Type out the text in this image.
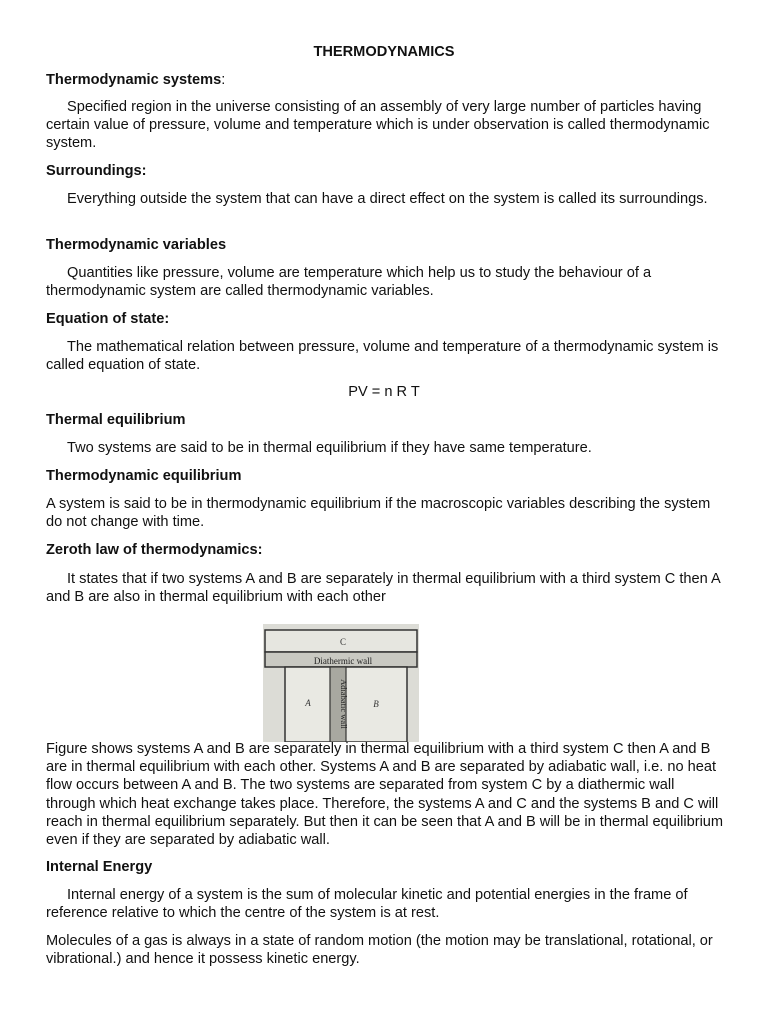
THERMODYNAMICS

Thermodynamic systems:

Specified region in the universe consisting of an assembly of very large number of particles having certain value of pressure, volume and temperature which is under observation is called thermodynamic system.

Surroundings:

Everything outside the system that can have a direct effect on the system is called its surroundings.

Thermodynamic variables

Quantities like pressure, volume are temperature which help us to study the behaviour of a thermodynamic system are called thermodynamic variables.

Equation of state:

The mathematical relation between pressure, volume and temperature of a thermodynamic system is called equation of state.

PV = n R T

Thermal equilibrium

Two systems are said to be in thermal equilibrium if they have same temperature.

Thermodynamic equilibrium

A system is said to be in thermodynamic equilibrium if the macroscopic variables describing the system do not change with time.

Zeroth law of thermodynamics:

It states that if two systems A and B are separately in thermal equilibrium with a third system C then A and B are also in thermal equilibrium with each other

C
Diathermic wall
Adiabatic wall
A	B

Figure shows systems A and B are separately in thermal equilibrium with a third system C then A and B are in thermal equilibrium with each other. Systems A and B are separated by adiabatic wall, i.e. no heat flow occurs between A and B. The two systems are separated from system C by a diathermic wall through which heat exchange takes place. Therefore, the systems A and C and the systems B and C will reach in thermal equilibrium separately. But then it can be seen that A and B will be in thermal equilibrium even if they are separated by adiabatic wall.

Internal Energy

Internal energy of a system is the sum of molecular kinetic and potential energies in the frame of reference relative to which the centre of the system is at rest.

Molecules of a gas is always in a state of random motion (the motion may be translational, rotational, or vibrational.) and hence it possess kinetic energy.
